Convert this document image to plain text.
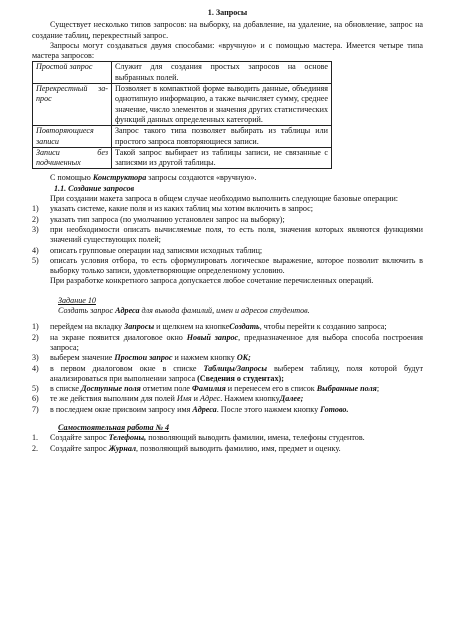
1. Запросы

Существует несколько типов запросов: на выборку, на добавление, на удаление, на обновление, запрос на создание таблиц, перекрестный запрос.

Запросы могут создаваться двумя способами: «вручную» и с помощью мастера. Имеется четыре типа мастера запросов:

Простой запрос	Служит для создания простых запросов на основе выбранных полей.
Перекрестный за-прос	Позволяет в компактной форме выводить данные, объединяя однотипную информацию, а также вычисляет сумму, среднее значение, число элементов и значения других статистических функций данных определенных категорий.
Повторяющиеся записи	Запрос такого типа позволяет выбирать из таблицы или простого запроса повторяющиеся записи.
Записи без подчиненных	Такой запрос выбирает из таблицы записи, не связанные с записями из другой таблицы.

С помощью Конструктора запросы создаются «вручную».

1.1. Создание запросов

При создании макета запроса в общем случае необходимо выполнить следующие базовые операции:

1) указать системе, какие поля и из каких таблиц мы хотим включить в запрос;
2) указать тип запроса (по умолчанию установлен запрос на выборку);
3) при необходимости описать вычисляемые поля, то есть поля, значения которых являются функциями значений существующих полей;
4) описать групповые операции над записями исходных таблиц;
5) описать условия отбора, то есть сформулировать логическое выражение, которое позволит включить в выборку только записи, удовлетворяющие определенному условию.

При разработке конкретного запроса допускается любое сочетание перечисленных операций.

Задание 10

Создать запрос Адреса для вывода фамилий, имен и адресов студентов.

1) перейдем на вкладку Запросы и щелкнем на кнопкеСоздать, чтобы перейти к созданию запроса;
2) на экране появится диалоговое окно Новый запрос, предназначенное для выбора способа построения запроса;
3) выберем значение Простои запрос и нажмем кнопку ОК;
4) в первом диалоговом окне в списке Таблицы/Запросы выберем таблицу, поля которой будут анализироваться при выполнении запроса (Сведения о студентах);
5) в списке Доступные поля отметим поле Фамилия и перенесем его в список Выбранные поля;
6) те же действия выполним для полей Имя и Адрес. Нажмем кнопкуДалее;
7) в последнем окне присвоим запросу имя Адреса. После этого нажмем кнопку Готово.

Самостоятельная работа № 4

1. Создайте запрос Телефоны, позволяющий выводить фамилии, имена, телефоны студентов.
2. Создайте запрос Журнал, позволяющий выводить фамилию, имя, предмет и оценку.
